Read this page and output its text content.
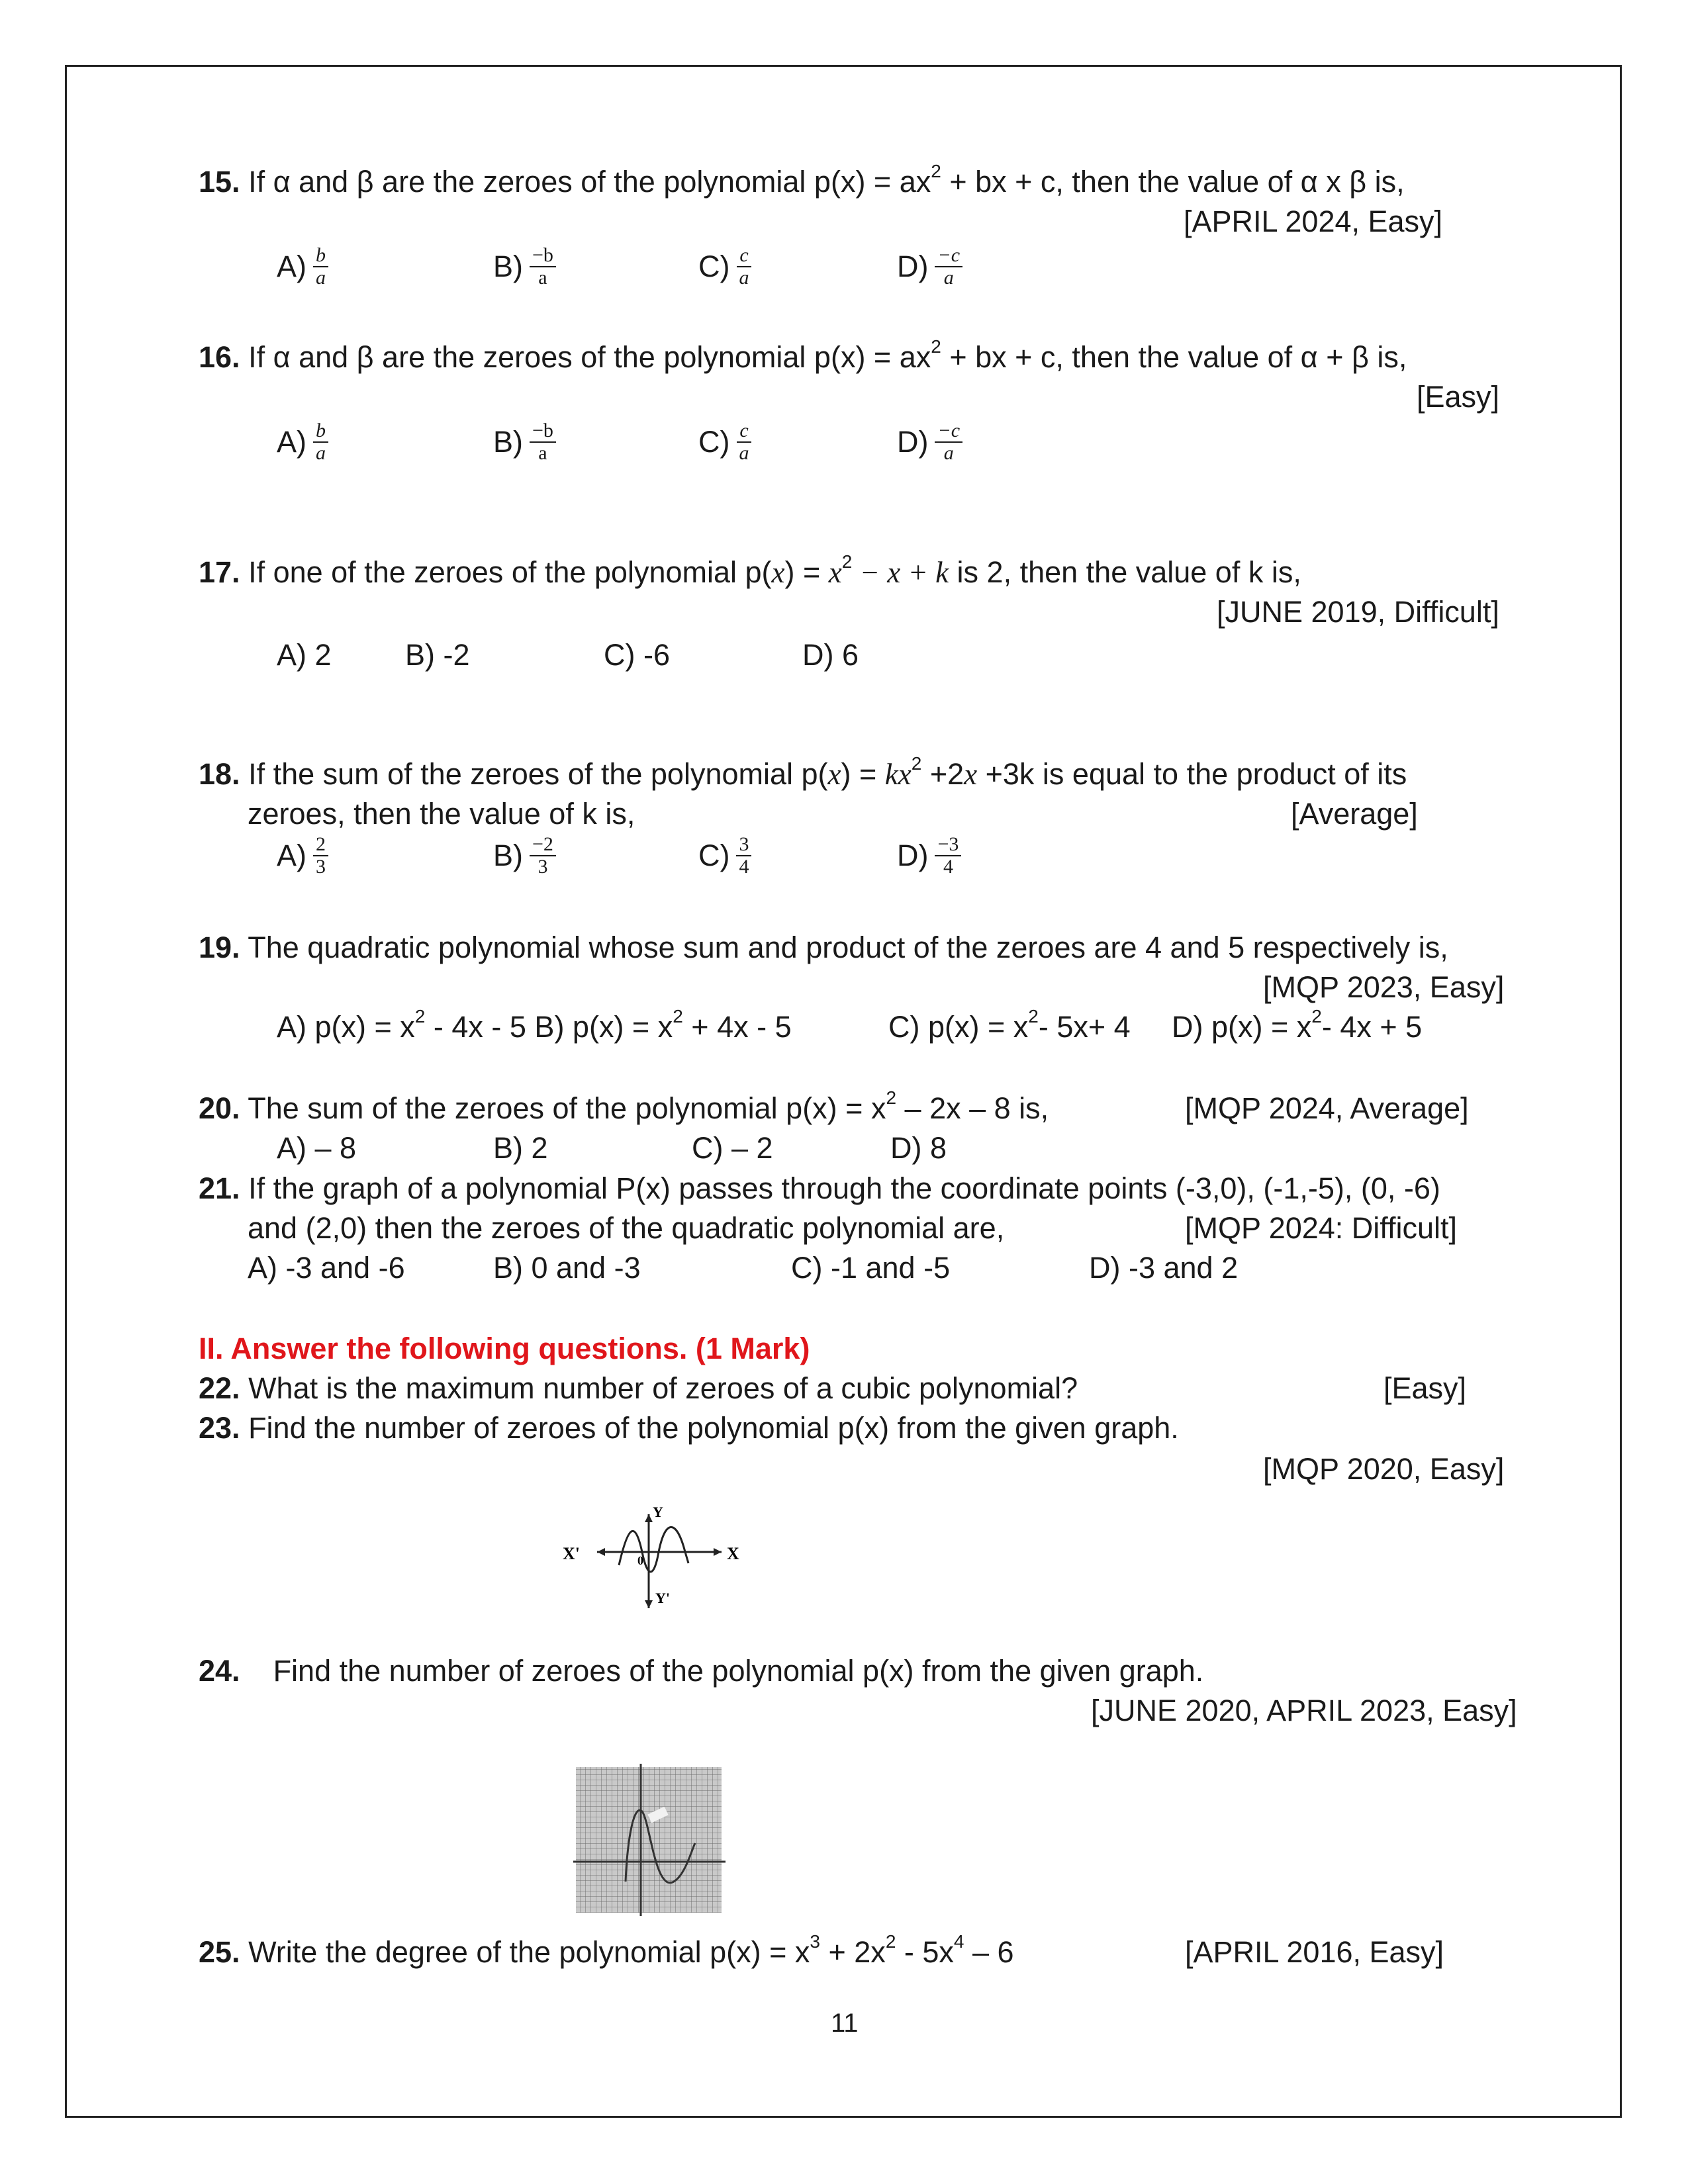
15. If α and β are the zeroes of the polynomial $p(x) = ax^2$ + bx + c, then the value of α x β is,
[APRIL 2024, Easy]
$A) \frac{b}{a}$	$B) \frac{-b}{a}$	$C) \frac{c}{a}$	$D) \frac{-c}{a}$
16. If α and β are the zeroes of the polynomial $p(x) = ax^2$ + bx + c, then the value of α + β is,
[Easy]
$A) \frac{b}{a}$	$B) \frac{-b}{a}$	$C) \frac{c}{a}$	$D) \frac{-c}{a}$
17. If one of the zeroes of the polynomial $p(x) = x^2 - x + k$ is 2, then the value of k is,
[JUNE 2019, Difficult]
A) 2 B) -2	C) -6	D) 6
18. If the sum of the zeroes of the polynomial $p(x) = kx^2 +2x +3k$ is equal to the product of its
zeroes, then the value of k is,	[Average]
$A) \frac{2}{3}$	$B) \frac{-2}{3}$	$C) \frac{3}{4}$	$D) \frac{-3}{4}$
19. The quadratic polynomial whose sum and product of the zeroes are 4 and 5 respectively is,
[MQP 2023, Easy]
A) $p(x) = x^2 - 4x - 5$ B) $p(x) = x^2 + 4x - 5$	C) $p(x) = x^2-$ 5x+ 4 D) $p(x) = x^2-$ 4x + 5
20. The sum of the zeroes of the polynomial $p(x) = x^2 - 2x - 8$ is,	[MQP 2024, Average]
A) – 8	B) 2	C) – 2	D) 8
21. If the graph of a polynomial P(x) passes through the coordinate points (-3,0), (-1,-5), (0, -6)
and (2,0) then the zeroes of the quadratic polynomial are,	[MQP 2024: Difficult]
A) -3 and -6	B) 0 and -3	C) -1 and -5	D) -3 and 2
II. Answer the following questions. (1 Mark)
22. What is the maximum number of zeroes of a cubic polynomial?	[Easy]
23. Find the number of zeroes of the polynomial p(x) from the given graph.
[MQP 2020, Easy]
X'	X
Y
Y'
0
24. Find the number of zeroes of the polynomial p(x) from the given graph.
[JUNE 2020, APRIL 2023, Easy]
25. Write the degree of the polynomial $p(x) = x^3 + 2x^2 - 5x^4 - 6$	[APRIL 2016, Easy]
11
